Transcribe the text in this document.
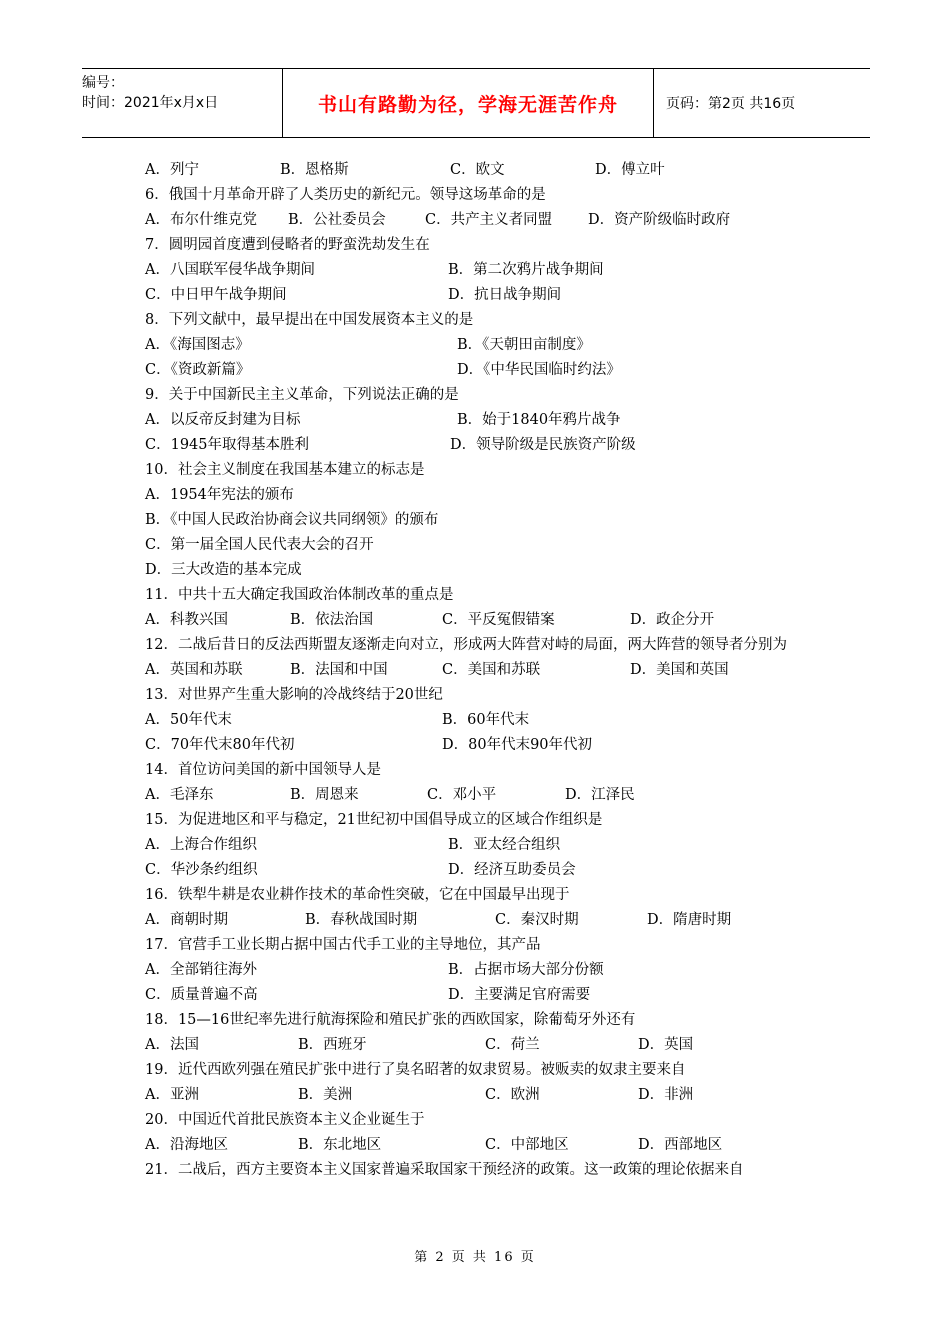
编号：
时间：2021年x月x日	书山有路勤为径，学海无涯苦作舟	页码：第2页 共16页
A．列宁	B．恩格斯	C．欧文	D．傅立叶
6．俄国十月革命开辟了人类历史的新纪元。领导这场革命的是
A．布尔什维克党 B．公社委员会	C．共产主义者同盟 D．资产阶级临时政府
7．圆明园首度遭到侵略者的野蛮洗劫发生在
A．八国联军侵华战争期间	B．第二次鸦片战争期间
C．中日甲午战争期间	D．抗日战争期间
8．下列文献中，最早提出在中国发展资本主义的是
A．《海国图志》	B．《天朝田亩制度》
C．《资政新篇》	D．《中华民国临时约法》
9．关于中国新民主主义革命，下列说法正确的是
A．以反帝反封建为目标	B．始于1840年鸦片战争
C．1945年取得基本胜利	D．领导阶级是民族资产阶级
10．社会主义制度在我国基本建立的标志是
A．1954年宪法的颁布
B．《中国人民政治协商会议共同纲领》的颁布
C．第一届全国人民代表大会的召开
D．三大改造的基本完成
11．中共十五大确定我国政治体制改革的重点是
A．科教兴国	B．依法治国	C．平反冤假错案	D．政企分开
12．二战后昔日的反法西斯盟友逐渐走向对立，形成两大阵营对峙的局面，两大阵营的领导者分别为
A．英国和苏联	B．法国和中国	C．美国和苏联	D．美国和英国
13．对世界产生重大影响的冷战终结于20世纪
A．50年代末	B．60年代末
C．70年代末80年代初	D．80年代末90年代初
14．首位访问美国的新中国领导人是
A．毛泽东	B．周恩来	C．邓小平	D．江泽民
15．为促进地区和平与稳定，21世纪初中国倡导成立的区域合作组织是
A．上海合作组织	B．亚太经合组织
C．华沙条约组织	D．经济互助委员会
16．铁犁牛耕是农业耕作技术的革命性突破，它在中国最早出现于
A．商朝时期	B．春秋战国时期	C．秦汉时期	D．隋唐时期
17．官营手工业长期占据中国古代手工业的主导地位，其产品
A．全部销往海外	B．占据市场大部分份额
C．质量普遍不高	D．主要满足官府需要
18．15—16世纪率先进行航海探险和殖民扩张的西欧国家，除葡萄牙外还有
A．法国	B．西班牙	C．荷兰	D．英国
19．近代西欧列强在殖民扩张中进行了臭名昭著的奴隶贸易。被贩卖的奴隶主要来自
A．亚洲	B．美洲	C．欧洲	D．非洲
20．中国近代首批民族资本主义企业诞生于
A．沿海地区	B．东北地区	C．中部地区	D．西部地区
21．二战后，西方主要资本主义国家普遍采取国家干预经济的政策。这一政策的理论依据来自
第 2 页 共 16 页
